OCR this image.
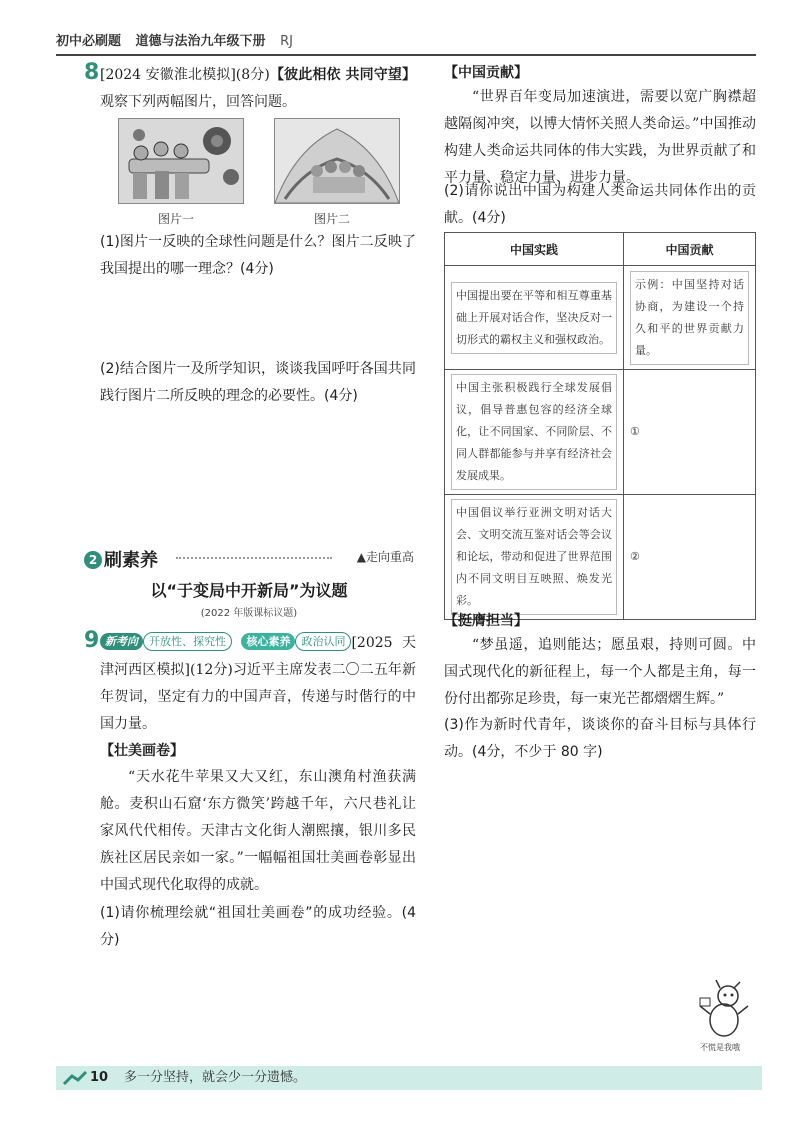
初中必刷题 道德与法治九年级下册 RJ
8 [2024 安徽淮北模拟](8分)【彼此相依 共同守望】观察下列两幅图片，回答问题。
图片一	图片二
(1)图片一反映的全球性问题是什么？图片二反映了我国提出的哪一理念？(4分)
(2)结合图片一及所学知识，谈谈我国呼吁各国共同践行图片二所反映的理念的必要性。(4分)
2 刷素养	▲走向重高
以“于变局中开新局”为议题
(2022 年版课标议题)
9 新考向 开放性、探究性 核心素养 政治认同 [2025 天津河西区模拟](12分)习近平主席发表二〇二五年新年贺词，坚定有力的中国声音，传递与时偕行的中国力量。
【壮美画卷】
“天水花牛苹果又大又红，东山澳角村渔获满舱。麦积山石窟‘东方微笑’跨越千年，六尺巷礼让家风代代相传。天津古文化街人潮熙攘，银川多民族社区居民亲如一家。”一幅幅祖国壮美画卷彰显出中国式现代化取得的成就。
(1)请你梳理绘就“祖国壮美画卷”的成功经验。(4分)
【中国贡献】
“世界百年变局加速演进，需要以宽广胸襟超越隔阂冲突，以博大情怀关照人类命运。”中国推动构建人类命运共同体的伟大实践，为世界贡献了和平力量、稳定力量、进步力量。
(2)请你说出中国为构建人类命运共同体作出的贡献。(4分)
中国实践	中国贡献

中国提出要在平等和相互尊重基础上开展对话合作，坚决反对一切形式的霸权主义和强权政治。	示例：中国坚持对话协商，为建设一个持久和平的世界贡献力量。

中国主张积极践行全球发展倡议，倡导普惠包容的经济全球化，让不同国家、不同阶层、不同人群都能参与并享有经济社会发展成果。	①

中国倡议举行亚洲文明对话大会、文明交流互鉴对话会等会议和论坛，带动和促进了世界范围内不同文明目互映照、焕发光彩。	②
【挺膺担当】
“梦虽遥，追则能达；愿虽艰，持则可圆。中国式现代化的新征程上，每一个人都是主角，每一份付出都弥足珍贵，每一束光芒都熠熠生辉。”
(3)作为新时代青年，谈谈你的奋斗目标与具体行动。(4分，不少于 80 字)
不慌是我哦
10 多一分坚持，就会少一分遗憾。
